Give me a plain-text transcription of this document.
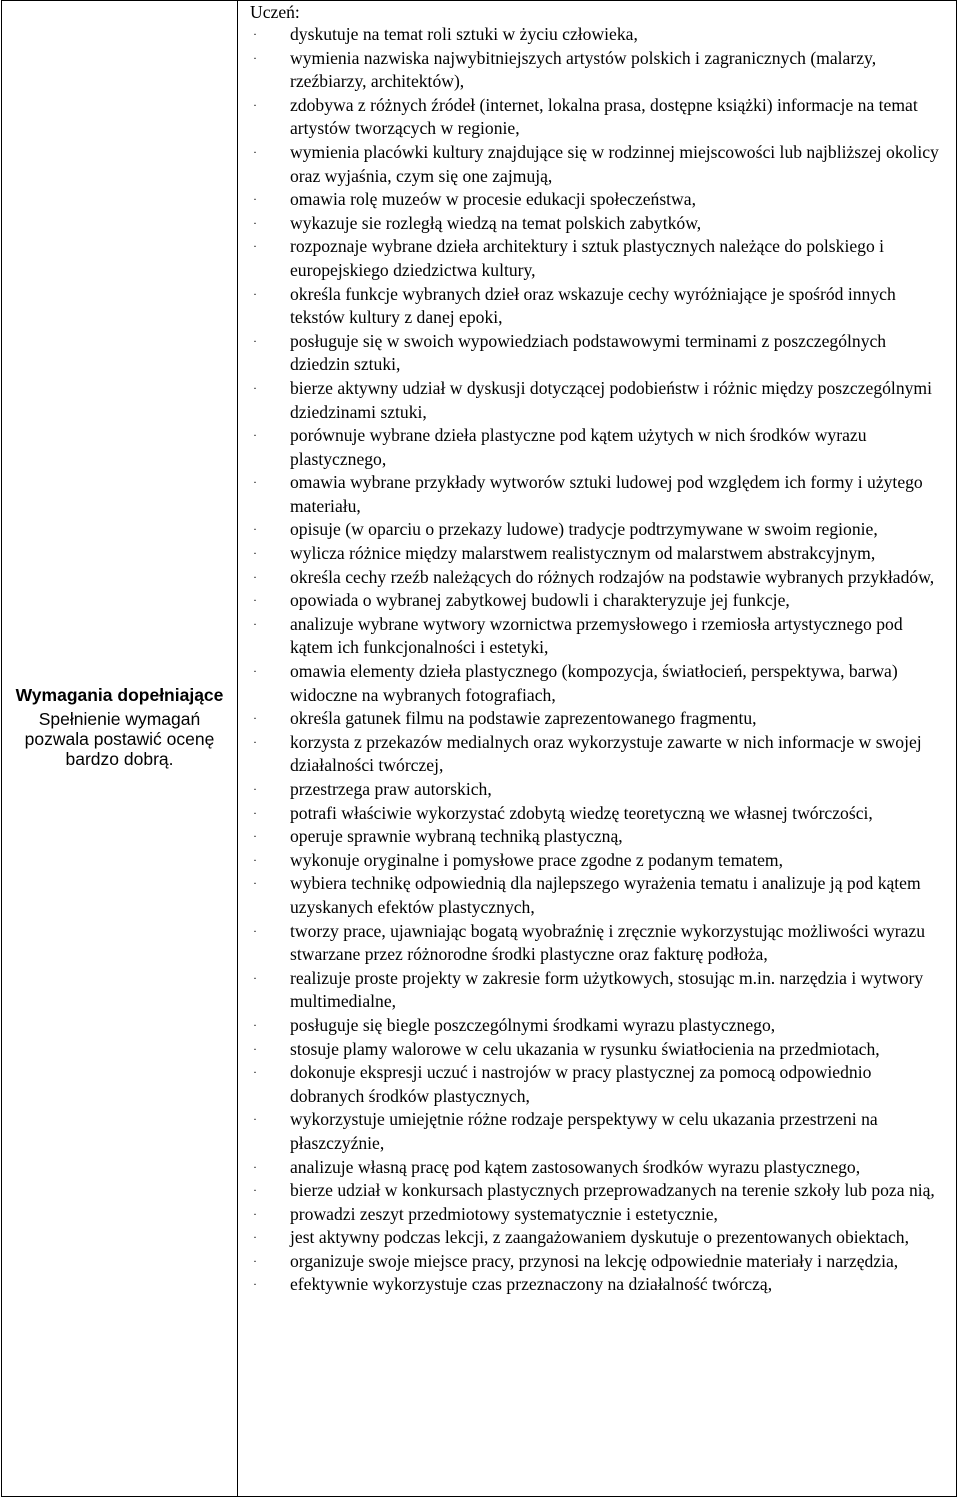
Wymagania dopełniające
Spełnienie wymagań pozwala postawić ocenę bardzo dobrą.

Uczeń:
· dyskutuje na temat roli sztuki w życiu człowieka,
· wymienia nazwiska najwybitniejszych artystów polskich i zagranicznych (malarzy, rzeźbiarzy, architektów),
· zdobywa z różnych źródeł (internet, lokalna prasa, dostępne książki) informacje na temat artystów tworzących w regionie,
· wymienia placówki kultury znajdujące się w rodzinnej miejscowości lub najbliższej okolicy oraz wyjaśnia, czym się one zajmują,
· omawia rolę muzeów w procesie edukacji społeczeństwa,
· wykazuje sie rozległą wiedzą na temat polskich zabytków,
· rozpoznaje wybrane dzieła architektury i sztuk plastycznych należące do polskiego i europejskiego dziedzictwa kultury,
· określa funkcje wybranych dzieł oraz wskazuje cechy wyróżniające je spośród innych tekstów kultury z danej epoki,
· posługuje się w swoich wypowiedziach podstawowymi terminami z poszczególnych dziedzin sztuki,
· bierze aktywny udział w dyskusji dotyczącej podobieństw i różnic między poszczególnymi dziedzinami sztuki,
· porównuje wybrane dzieła plastyczne pod kątem użytych w nich środków wyrazu plastycznego,
· omawia wybrane przykłady wytworów sztuki ludowej pod względem ich formy i użytego materiału,
· opisuje (w oparciu o przekazy ludowe) tradycje podtrzymywane w swoim regionie,
· wylicza różnice między malarstwem realistycznym od malarstwem abstrakcyjnym,
· określa cechy rzeźb należących do różnych rodzajów na podstawie wybranych przykładów,
· opowiada o wybranej zabytkowej budowli i charakteryzuje jej funkcje,
· analizuje wybrane wytwory wzornictwa przemysłowego i rzemiosła artystycznego pod kątem ich funkcjonalności i estetyki,
· omawia elementy dzieła plastycznego (kompozycja, światłocień, perspektywa, barwa) widoczne na wybranych fotografiach,
· określa gatunek filmu na podstawie zaprezentowanego fragmentu,
· korzysta z przekazów medialnych oraz wykorzystuje zawarte w nich informacje w swojej działalności twórczej,
· przestrzega praw autorskich,
· potrafi właściwie wykorzystać zdobytą wiedzę teoretyczną we własnej twórczości,
· operuje sprawnie wybraną techniką plastyczną,
· wykonuje oryginalne i pomysłowe prace zgodne z podanym tematem,
· wybiera technikę odpowiednią dla najlepszego wyrażenia tematu i analizuje ją pod kątem uzyskanych efektów plastycznych,
· tworzy prace, ujawniając bogatą wyobraźnię i zręcznie wykorzystując możliwości wyrazu stwarzane przez różnorodne środki plastyczne oraz fakturę podłoża,
· realizuje proste projekty w zakresie form użytkowych, stosując m.in. narzędzia i wytwory multimedialne,
· posługuje się biegle poszczególnymi środkami wyrazu plastycznego,
· stosuje plamy walorowe w celu ukazania w rysunku światłocienia na przedmiotach,
· dokonuje ekspresji uczuć i nastrojów w pracy plastycznej za pomocą odpowiednio dobranych środków plastycznych,
· wykorzystuje umiejętnie różne rodzaje perspektywy w celu ukazania przestrzeni na płaszczyźnie,
· analizuje własną pracę pod kątem zastosowanych środków wyrazu plastycznego,
· bierze udział w konkursach plastycznych przeprowadzanych na terenie szkoły lub poza nią,
· prowadzi zeszyt przedmiotowy systematycznie i estetycznie,
· jest aktywny podczas lekcji, z zaangażowaniem dyskutuje o prezentowanych obiektach,
· organizuje swoje miejsce pracy, przynosi na lekcję odpowiednie materiały i narzędzia,
· efektywnie wykorzystuje czas przeznaczony na działalność twórczą,
